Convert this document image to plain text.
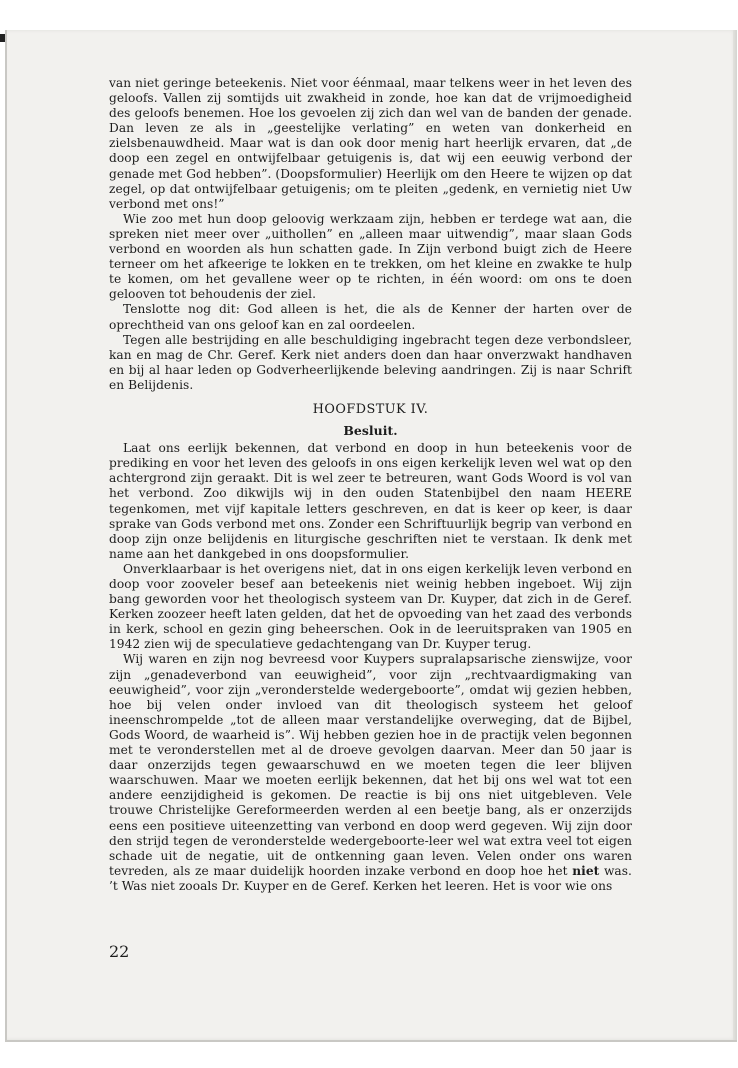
van niet geringe beteekenis. Niet voor éénmaal, maar telkens weer in het leven des geloofs. Vallen zij somtijds uit zwakheid in zonde, hoe kan dat de vrijmoedigheid des geloofs benemen. Hoe los gevoelen zij zich dan wel van de banden der genade. Dan leven ze als in „geestelijke verlating” en weten van donkerheid en zielsbenauwdheid. Maar wat is dan ook door menig hart heerlijk ervaren, dat „de doop een zegel en ontwijfelbaar getuigenis is, dat wij een eeuwig verbond der genade met God hebben”. (Doopsformulier) Heerlijk om den Heere te wijzen op dat zegel, op dat ontwijfelbaar getuigenis; om te pleiten „gedenk, en vernietig niet Uw verbond met ons!”

Wie zoo met hun doop geloovig werkzaam zijn, hebben er terdege wat aan, die spreken niet meer over „uithollen” en „alleen maar uitwendig”, maar slaan Gods verbond en woorden als hun schatten gade. In Zijn verbond buigt zich de Heere terneer om het afkeerige te lokken en te trekken, om het kleine en zwakke te hulp te komen, om het gevallene weer op te richten, in één woord: om ons te doen gelooven tot behoudenis der ziel.

Tenslotte nog dit: God alleen is het, die als de Kenner der harten over de oprechtheid van ons geloof kan en zal oordeelen.

Tegen alle bestrijding en alle beschuldiging ingebracht tegen deze verbondsleer, kan en mag de Chr. Geref. Kerk niet anders doen dan haar onverzwakt handhaven en bij al haar leden op Godverheerlijkende beleving aandringen. Zij is naar Schrift en Belijdenis.

HOOFDSTUK IV.
Besluit.

Laat ons eerlijk bekennen, dat verbond en doop in hun beteekenis voor de prediking en voor het leven des geloofs in ons eigen kerkelijk leven wel wat op den achtergrond zijn geraakt. Dit is wel zeer te betreuren, want Gods Woord is vol van het verbond. Zoo dikwijls wij in den ouden Statenbijbel den naam HEERE tegenkomen, met vijf kapitale letters geschreven, en dat is keer op keer, is daar sprake van Gods verbond met ons. Zonder een Schriftuurlijk begrip van verbond en doop zijn onze belijdenis en liturgische geschriften niet te verstaan. Ik denk met name aan het dankgebed in ons doopsformulier.

Onverklaarbaar is het overigens niet, dat in ons eigen kerkelijk leven verbond en doop voor zooveler besef aan beteekenis niet weinig hebben ingeboet. Wij zijn bang geworden voor het theologisch systeem van Dr. Kuyper, dat zich in de Geref. Kerken zoozeer heeft laten gelden, dat het de opvoeding van het zaad des verbonds in kerk, school en gezin ging beheerschen. Ook in de leeruitspraken van 1905 en 1942 zien wij de speculatieve gedachtengang van Dr. Kuyper terug.

Wij waren en zijn nog bevreesd voor Kuypers supralapsarische zienswijze, voor zijn „genadeverbond van eeuwigheid”, voor zijn „rechtvaardigmaking van eeuwigheid”, voor zijn „veronderstelde wedergeboorte”, omdat wij gezien hebben, hoe bij velen onder invloed van dit theologisch systeem het geloof ineenschrompelde „tot de alleen maar verstandelijke overweging, dat de Bijbel, Gods Woord, de waarheid is”. Wij hebben gezien hoe in de practijk velen begonnen met te veronderstellen met al de droeve gevolgen daarvan. Meer dan 50 jaar is daar onzerzijds tegen gewaarschuwd en we moeten tegen die leer blijven waarschuwen. Maar we moeten eerlijk bekennen, dat het bij ons wel wat tot een andere eenzijdigheid is gekomen. De reactie is bij ons niet uitgebleven. Vele trouwe Christelijke Gereformeerden werden al een beetje bang, als er onzerzijds eens een positieve uiteenzetting van verbond en doop werd gegeven. Wij zijn door den strijd tegen de veronderstelde wedergeboorte-leer wel wat extra veel tot eigen schade uit de negatie, uit de ontkenning gaan leven. Velen onder ons waren tevreden, als ze maar duidelijk hoorden inzake verbond en doop hoe het niet was. ’t Was niet zooals Dr. Kuyper en de Geref. Kerken het leeren. Het is voor wie ons

22
